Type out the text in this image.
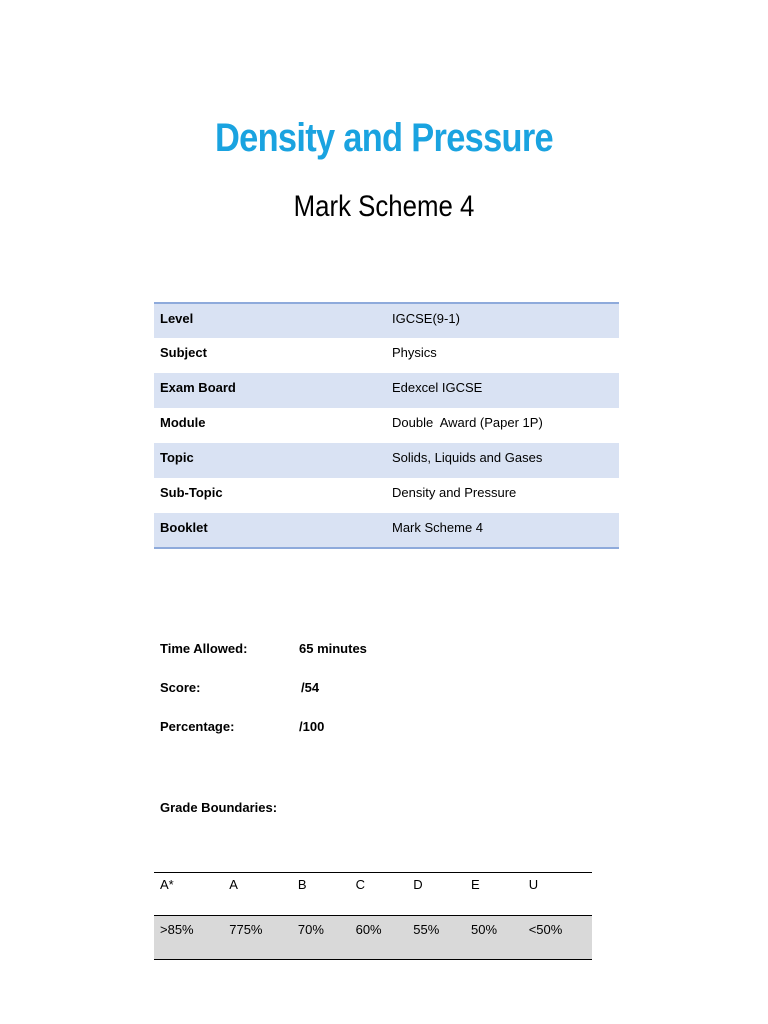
Density and Pressure
Mark Scheme 4
Level	IGCSE(9-1)
Subject	Physics
Exam Board	Edexcel IGCSE
Module	Double  Award (Paper 1P)
Topic	Solids, Liquids and Gases
Sub-Topic	Density and Pressure
Booklet	Mark Scheme 4
Time Allowed:	65 minutes
Score:	/54
Percentage:	/100
Grade Boundaries:
A*	A	B	C	D	E	U
>85%	775%	70%	60%	55%	50%	<50%
